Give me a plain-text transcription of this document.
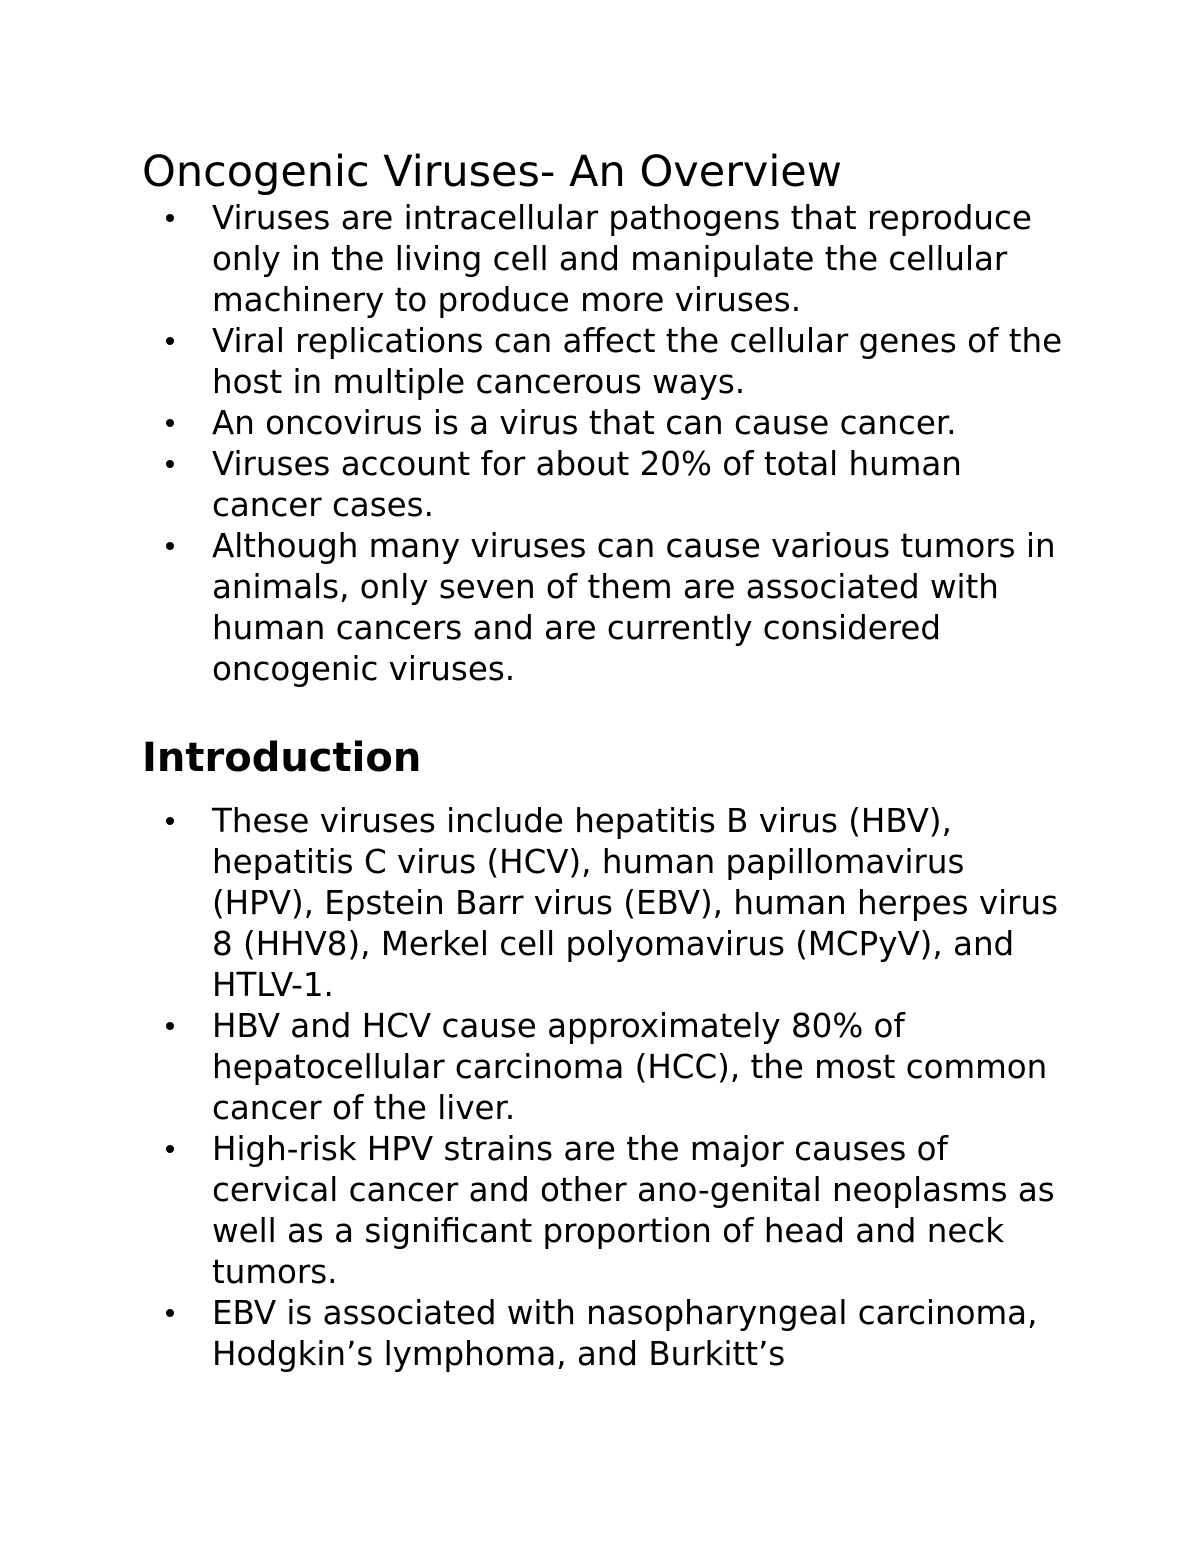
Oncogenic Viruses- An Overview
Viruses are intracellular pathogens that reproduce only in the living cell and manipulate the cellular machinery to produce more viruses.
Viral replications can affect the cellular genes of the host in multiple cancerous ways.
An oncovirus is a virus that can cause cancer.
Viruses account for about 20% of total human cancer cases.
Although many viruses can cause various tumors in animals, only seven of them are associated with human cancers and are currently considered oncogenic viruses.
Introduction
These viruses include hepatitis B virus (HBV), hepatitis C virus (HCV), human papillomavirus (HPV), Epstein Barr virus (EBV), human herpes virus 8 (HHV8), Merkel cell polyomavirus (MCPyV), and HTLV-1.
HBV and HCV cause approximately 80% of hepatocellular carcinoma (HCC), the most common cancer of the liver.
High-risk HPV strains are the major causes of cervical cancer and other ano-genital neoplasms as well as a significant proportion of head and neck tumors.
EBV is associated with nasopharyngeal carcinoma, Hodgkin’s lymphoma, and Burkitt’s
